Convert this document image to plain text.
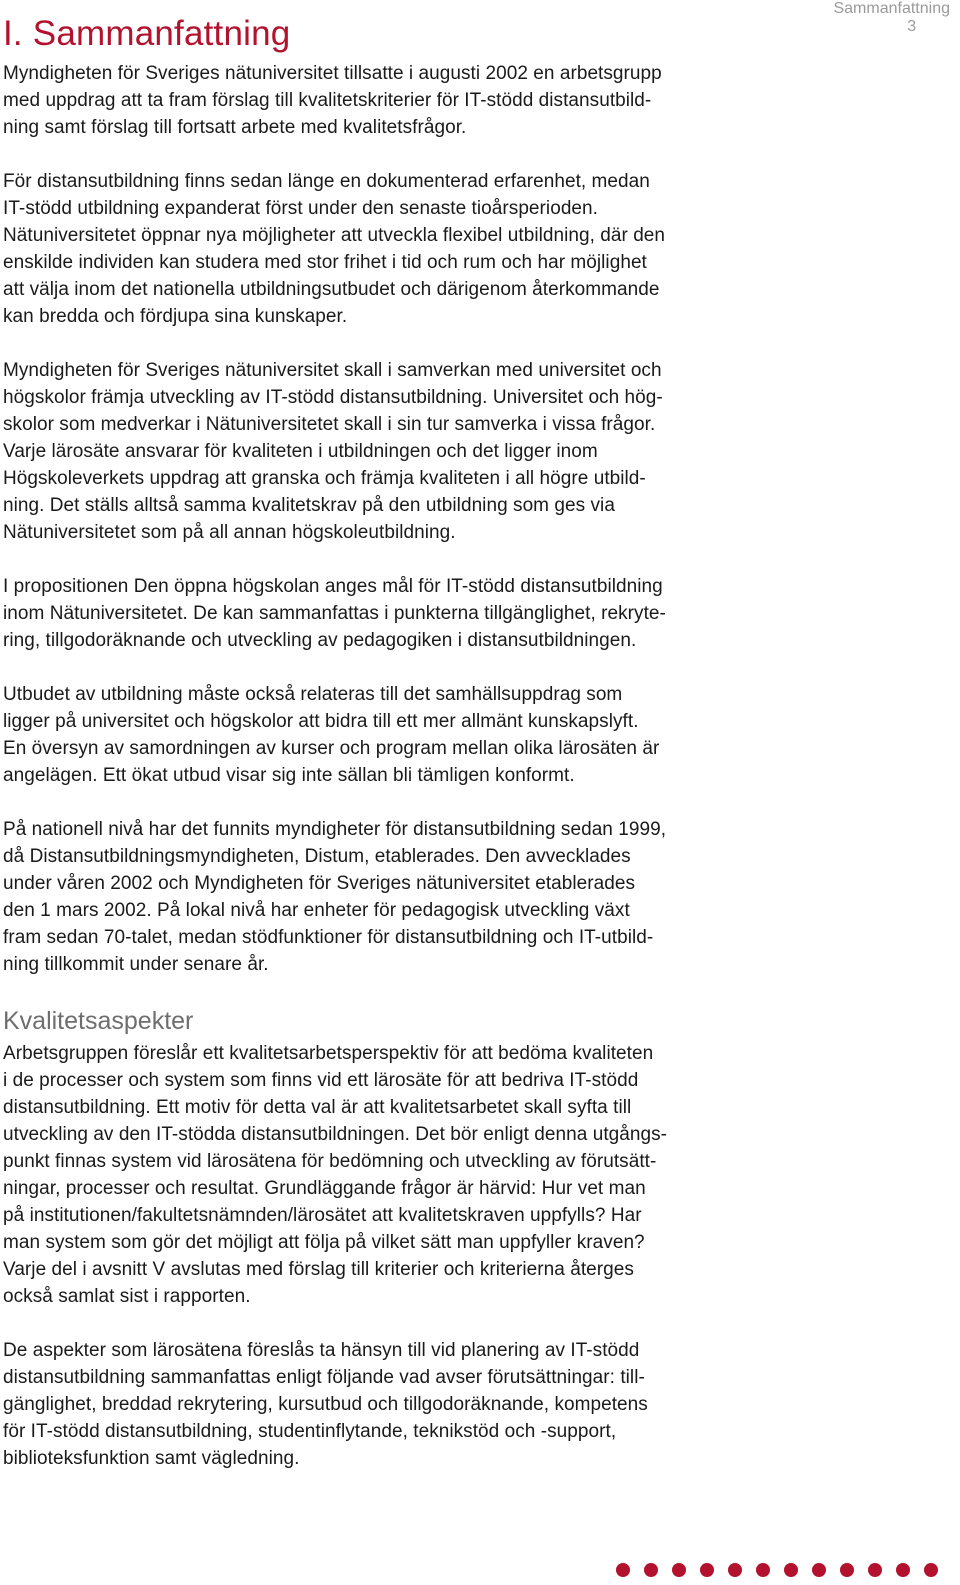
Sammanfattning
3
I. Sammanfattning

Myndigheten för Sveriges nätuniversitet tillsatte i augusti 2002 en arbetsgrupp
med uppdrag att ta fram förslag till kvalitetskriterier för IT-stödd distansutbild-
ning samt förslag till fortsatt arbete med kvalitetsfrågor.

För distansutbildning finns sedan länge en dokumenterad erfarenhet, medan
IT-stödd utbildning expanderat först under den senaste tioårsperioden.
Nätuniversitetet öppnar nya möjligheter att utveckla flexibel utbildning, där den
enskilde individen kan studera med stor frihet i tid och rum och har möjlighet
att välja inom det nationella utbildningsutbudet och därigenom återkommande
kan bredda och fördjupa sina kunskaper.

Myndigheten för Sveriges nätuniversitet skall i samverkan med universitet och
högskolor främja utveckling av IT-stödd distansutbildning. Universitet och hög-
skolor som medverkar i Nätuniversitetet skall i sin tur samverka i vissa frågor.
Varje lärosäte ansvarar för kvaliteten i utbildningen och det ligger inom
Högskoleverkets uppdrag att granska och främja kvaliteten i all högre utbild-
ning. Det ställs alltså samma kvalitetskrav på den utbildning som ges via
Nätuniversitetet som på all annan högskoleutbildning.

I propositionen Den öppna högskolan anges mål för IT-stödd distansutbildning
inom Nätuniversitetet. De kan sammanfattas i punkterna tillgänglighet, rekryte-
ring, tillgodoräknande och utveckling av pedagogiken i distansutbildningen.

Utbudet av utbildning måste också relateras till det samhällsuppdrag som
ligger på universitet och högskolor att bidra till ett mer allmänt kunskapslyft.
En översyn av samordningen av kurser och program mellan olika lärosäten är
angelägen. Ett ökat utbud visar sig inte sällan bli tämligen konformt.

På nationell nivå har det funnits myndigheter för distansutbildning sedan 1999,
då Distansutbildningsmyndigheten, Distum, etablerades. Den avvecklades
under våren 2002 och Myndigheten för Sveriges nätuniversitet etablerades
den 1 mars 2002. På lokal nivå har enheter för pedagogisk utveckling växt
fram sedan 70-talet, medan stödfunktioner för distansutbildning och IT-utbild-
ning tillkommit under senare år.

Kvalitetsaspekter

Arbetsgruppen föreslår ett kvalitetsarbetsperspektiv för att bedöma kvaliteten
i de processer och system som finns vid ett lärosäte för att bedriva IT-stödd
distansutbildning. Ett motiv för detta val är att kvalitetsarbetet skall syfta till
utveckling av den IT-stödda distansutbildningen. Det bör enligt denna utgångs-
punkt finnas system vid lärosätena för bedömning och utveckling av förutsätt-
ningar, processer och resultat. Grundläggande frågor är härvid: Hur vet man
på institutionen/fakultetsnämnden/lärosätet att kvalitetskraven uppfylls? Har
man system som gör det möjligt att följa på vilket sätt man uppfyller kraven?
Varje del i avsnitt V avslutas med förslag till kriterier och kriterierna återges
också samlat sist i rapporten.

De aspekter som lärosätena föreslås ta hänsyn till vid planering av IT-stödd
distansutbildning sammanfattas enligt följande vad avser förutsättningar: till-
gänglighet, breddad rekrytering, kursutbud och tillgodoräknande, kompetens
för IT-stödd distansutbildning, studentinflytande, teknikstöd och -support,
biblioteksfunktion samt vägledning.
